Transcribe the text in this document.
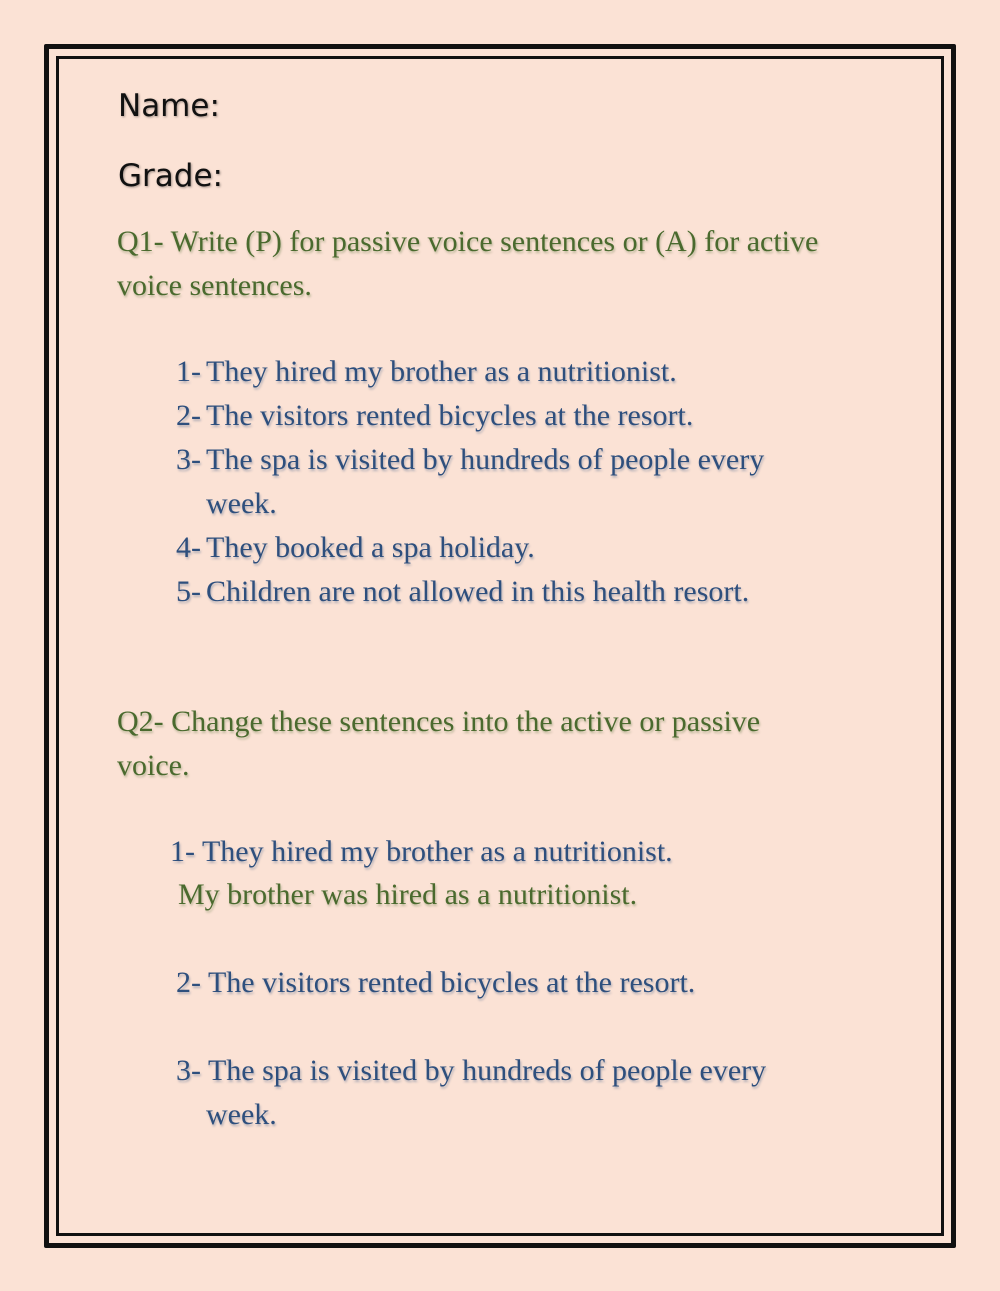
Name:
Grade:
Q1- Write (P) for passive voice sentences or (A) for active voice sentences.
1- They hired my brother as a nutritionist.
2- The visitors rented bicycles at the resort.
3- The spa is visited by hundreds of people every
week.
4- They booked a spa holiday.
5- Children are not allowed in this health resort.
Q2- Change these sentences into the active or passive voice.
1- They hired my brother as a nutritionist.
My brother was hired as a nutritionist.
2- The visitors rented bicycles at the resort.
3- The spa is visited by hundreds of people every
week.
